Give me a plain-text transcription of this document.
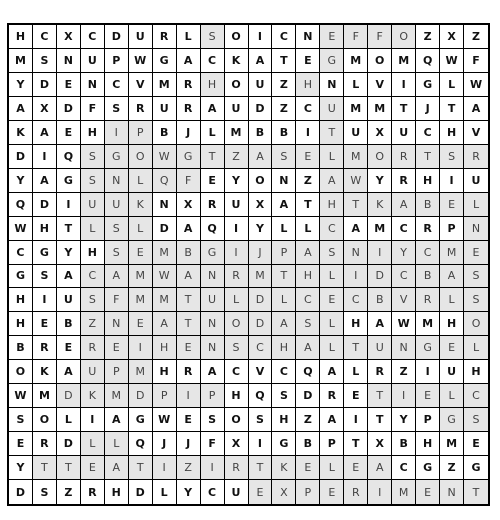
H	C	X	C	D	U	R	L	S	O	I	C	N	E	F	F	O	Z	X	Z
M	S	N	U	P	W	G	A	C	K	A	T	E	G	M	O	M	Q	W	F
Y	D	E	N	C	V	M	R	H	O	U	Z	H	N	L	V	I	G	L	W
A	X	D	F	S	R	U	R	A	U	D	Z	C	U	M	M	T	J	T	A
K	A	E	H	I	P	B	J	L	M	B	B	I	T	U	X	U	C	H	V
D	I	Q	S	G	O	W	G	T	Z	A	S	E	L	M	O	R	T	S	R
Y	A	G	S	N	L	Q	F	E	Y	O	N	Z	A	W	Y	R	H	I	U
Q	D	I	U	U	K	N	X	R	U	X	A	T	H	T	K	A	B	E	L
W	H	T	L	S	L	D	A	Q	I	Y	L	L	C	A	M	C	R	P	N
C	G	Y	H	S	E	M	B	G	I	J	P	A	S	N	I	Y	C	M	E
G	S	A	C	A	M	W	A	N	R	M	T	H	L	I	D	C	B	A	S
H	I	U	S	F	M	M	T	U	L	D	L	C	E	C	B	V	R	L	S
H	E	B	Z	N	E	A	T	N	O	D	A	S	L	H	A	W	M	H	O
B	R	E	R	E	I	H	E	N	S	C	H	A	L	T	U	N	G	E	L
O	K	A	U	P	M	H	R	A	C	V	C	Q	A	L	R	Z	I	U	H
W	M	D	K	M	D	P	I	P	H	Q	S	D	R	E	T	I	E	L	C
S	O	L	I	A	G	W	E	S	O	S	H	Z	A	I	T	Y	P	G	S
E	R	D	L	L	Q	J	J	F	X	I	G	B	P	T	X	B	H	M	E
Y	T	T	E	A	T	I	Z	I	R	T	K	E	L	E	A	C	G	Z	G
D	S	Z	R	H	D	L	Y	C	U	E	X	P	E	R	I	M	E	N	T
